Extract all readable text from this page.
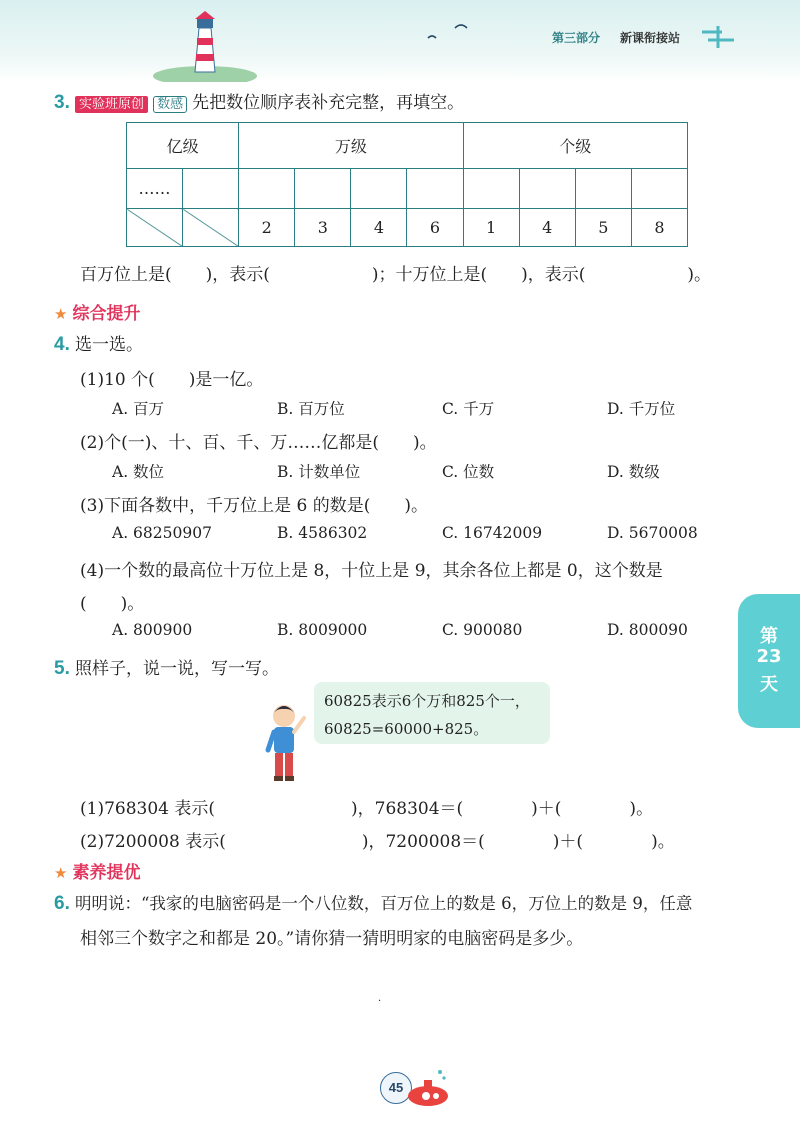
第三部分 新课衔接站
3. 实验班原创 数感 先把数位顺序表补充完整，再填空。
亿级		万级				个级			
……									
		2	3	4	6	1	4	5	8
百万位上是(　　)，表示(　　　　　　)；十万位上是(　　)，表示(　　　　　　)。
★ 综合提升
4. 选一选。
(1)10 个(　　)是一亿。
A. 百万	B. 百万位	C. 千万	D. 千万位
(2)个(一)、十、百、千、万……亿都是(　　)。
A. 数位	B. 计数单位	C. 位数	D. 数级
(3)下面各数中，千万位上是 6 的数是(　　)。
A. 68250907	B. 4586302	C. 16742009	D. 5670008
(4)一个数的最高位十万位上是 8，十位上是 9，其余各位上都是 0，这个数是
(　　)。
A. 800900	B. 8009000	C. 900080	D. 800090	第
23
天
5. 照样子，说一说，写一写。
60825表示6个万和825个一，
60825=60000+825。
(1)768304 表示(　　　　　　　　)，768304＝(　　　　)＋(　　　　)。
(2)7200008 表示(　　　　　　　　)，7200008＝(　　　　)＋(　　　　)。
★ 素养提优
6. 明明说：“我家的电脑密码是一个八位数，百万位上的数是 6，万位上的数是 9，任意
相邻三个数字之和都是 20。”请你猜一猜明明家的电脑密码是多少。
·
45
